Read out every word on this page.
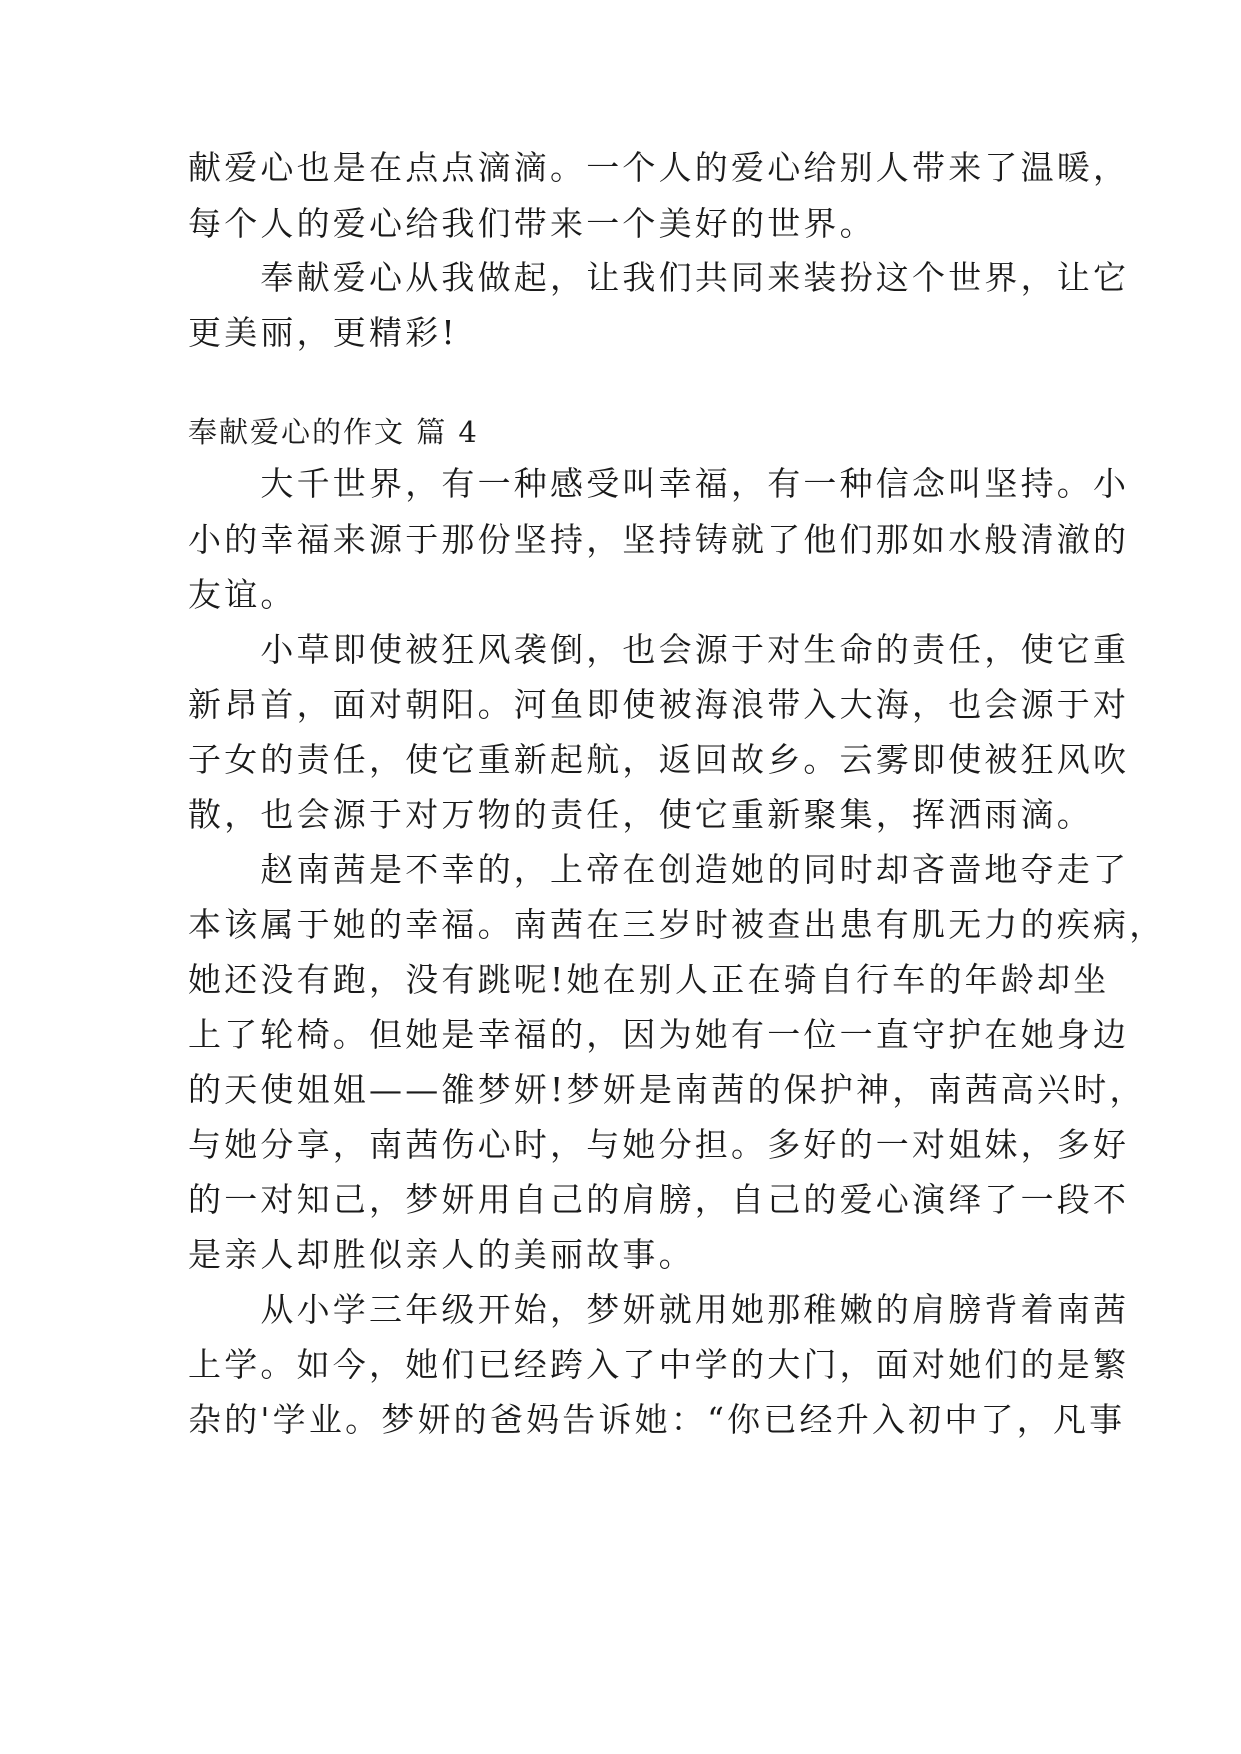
献爱心也是在点点滴滴。一个人的爱心给别人带来了温暖，
每个人的爱心给我们带来一个美好的世界。
　　奉献爱心从我做起，让我们共同来装扮这个世界，让它
更美丽，更精彩!
奉献爱心的作文 篇 4
　　大千世界，有一种感受叫幸福，有一种信念叫坚持。小
小的幸福来源于那份坚持，坚持铸就了他们那如水般清澈的
友谊。
　　小草即使被狂风袭倒，也会源于对生命的责任，使它重
新昂首，面对朝阳。河鱼即使被海浪带入大海，也会源于对
子女的责任，使它重新起航，返回故乡。云雾即使被狂风吹
散，也会源于对万物的责任，使它重新聚集，挥洒雨滴。
　　赵南茜是不幸的，上帝在创造她的同时却吝啬地夺走了
本该属于她的幸福。南茜在三岁时被查出患有肌无力的疾病，
她还没有跑，没有跳呢!她在别人正在骑自行车的年龄却坐
上了轮椅。但她是幸福的，因为她有一位一直守护在她身边
的天使姐姐——雒梦妍!梦妍是南茜的保护神，南茜高兴时，
与她分享，南茜伤心时，与她分担。多好的一对姐妹，多好
的一对知己，梦妍用自己的肩膀，自己的爱心演绎了一段不
是亲人却胜似亲人的美丽故事。
　　从小学三年级开始，梦妍就用她那稚嫩的肩膀背着南茜
上学。如今，她们已经跨入了中学的大门，面对她们的是繁
杂的'学业。梦妍的爸妈告诉她：“你已经升入初中了，凡事
